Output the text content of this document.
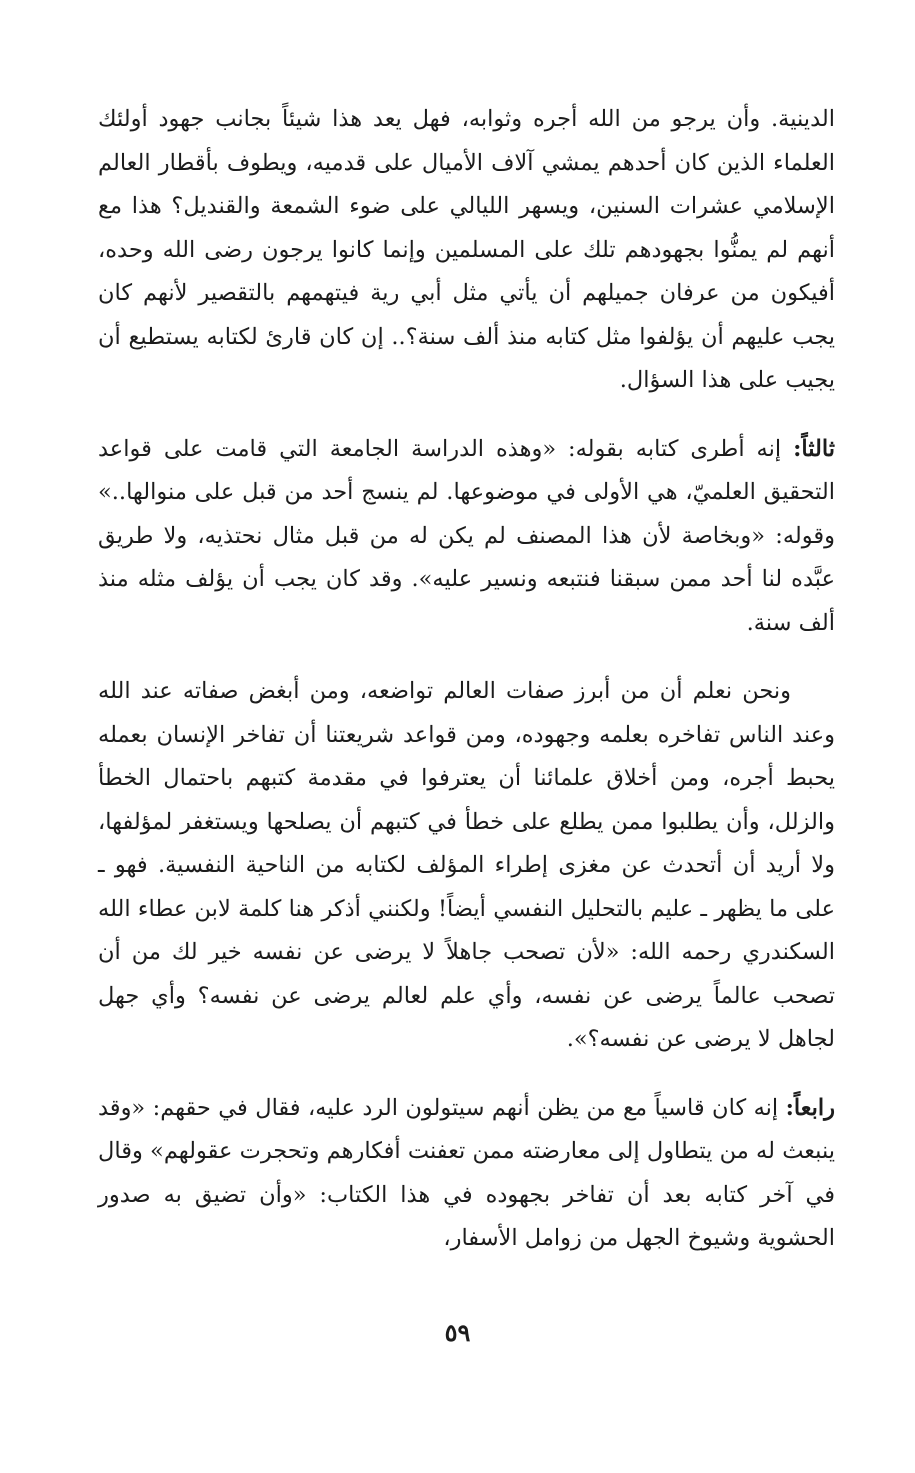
الدينية. وأن يرجو من الله أجره وثوابه، فهل يعد هذا شيئاً بجانب جهود أولئك العلماء الذين كان أحدهم يمشي آلاف الأميال على قدميه، ويطوف بأقطار العالم الإسلامي عشرات السنين، ويسهر الليالي على ضوء الشمعة والقنديل؟ هذا مع أنهم لم يمنُّوا بجهودهم تلك على المسلمين وإنما كانوا يرجون رضى الله وحده، أفيكون من عرفان جميلهم أن يأتي مثل أبي رية فيتهمهم بالتقصير لأنهم كان يجب عليهم أن يؤلفوا مثل كتابه منذ ألف سنة؟.. إن كان قارئ لكتابه يستطيع أن يجيب على هذا السؤال.

ثالثاً: إنه أطرى كتابه بقوله: «وهذه الدراسة الجامعة التي قامت على قواعد التحقيق العلميّ، هي الأولى في موضوعها. لم ينسج أحد من قبل على منوالها..» وقوله: «وبخاصة لأن هذا المصنف لم يكن له من قبل مثال نحتذيه، ولا طريق عبَّده لنا أحد ممن سبقنا فنتبعه ونسير عليه». وقد كان يجب أن يؤلف مثله منذ ألف سنة.

ونحن نعلم أن من أبرز صفات العالم تواضعه، ومن أبغض صفاته عند الله وعند الناس تفاخره بعلمه وجهوده، ومن قواعد شريعتنا أن تفاخر الإنسان بعمله يحبط أجره، ومن أخلاق علمائنا أن يعترفوا في مقدمة كتبهم باحتمال الخطأ والزلل، وأن يطلبوا ممن يطلع على خطأ في كتبهم أن يصلحها ويستغفر لمؤلفها، ولا أريد أن أتحدث عن مغزى إطراء المؤلف لكتابه من الناحية النفسية. فهو ـ على ما يظهر ـ عليم بالتحليل النفسي أيضاً! ولكنني أذكر هنا كلمة لابن عطاء الله السكندري رحمه الله: «لأن تصحب جاهلاً لا يرضى عن نفسه خير لك من أن تصحب عالماً يرضى عن نفسه، وأي علم لعالم يرضى عن نفسه؟ وأي جهل لجاهل لا يرضى عن نفسه؟».

رابعاً: إنه كان قاسياً مع من يظن أنهم سيتولون الرد عليه، فقال في حقهم: «وقد ينبعث له من يتطاول إلى معارضته ممن تعفنت أفكارهم وتحجرت عقولهم» وقال في آخر كتابه بعد أن تفاخر بجهوده في هذا الكتاب: «وأن تضيق به صدور الحشوية وشيوخ الجهل من زوامل الأسفار،

٥٩
